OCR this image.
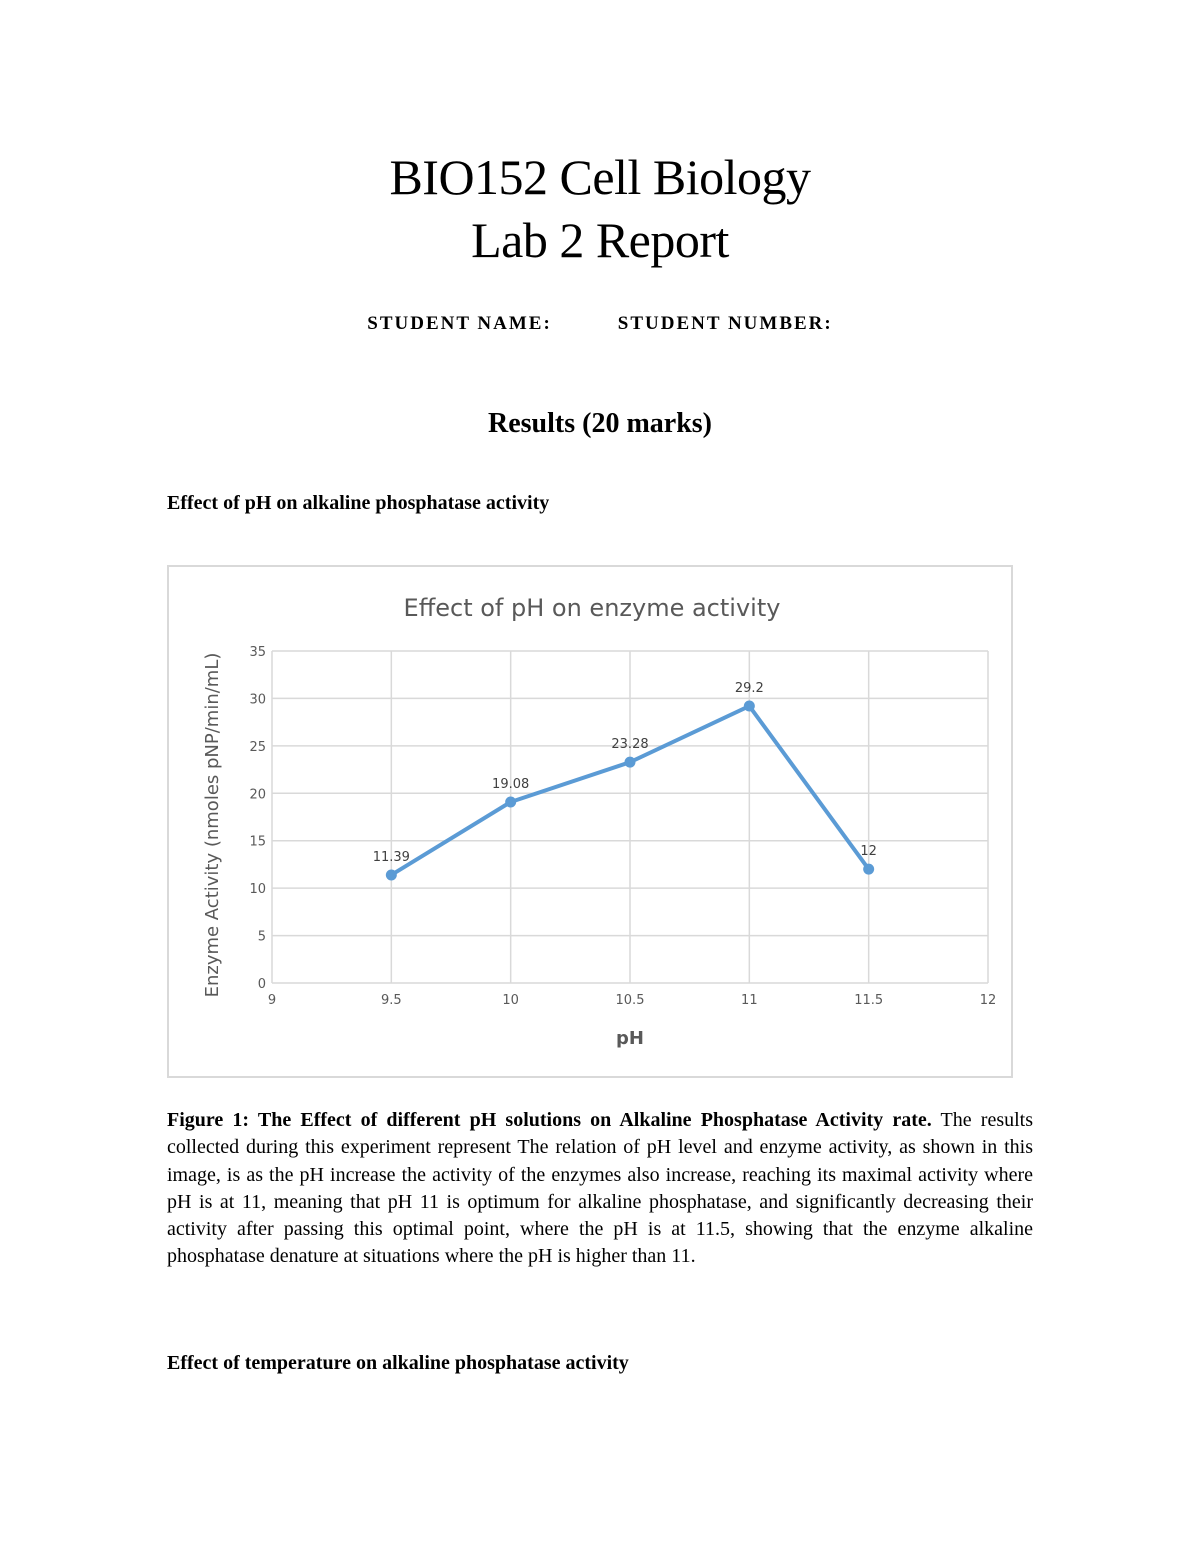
BIO152 Cell Biology
Lab 2 Report
STUDENT NAME:	STUDENT NUMBER:
Results (20 marks)
Effect of pH on alkaline phosphatase activity
Effect of pH on enzyme activity
0
5
10
15
20
25
30
35
9	9.5	10	10.5	11	11.5	12
pH
Enzyme Activity (nmoles pNP/min/mL)	11.39
19.08
23.28
29.2
12
Figure 1: The Effect of different pH solutions on Alkaline Phosphatase Activity rate. The results collected during this experiment represent The relation of pH level and enzyme activity, as shown in this image, is as the pH increase the activity of the enzymes also increase, reaching its maximal activity where pH is at 11, meaning that pH 11 is optimum for alkaline phosphatase, and significantly decreasing their activity after passing this optimal point, where the pH is at 11.5, showing that the enzyme alkaline phosphatase denature at situations where the pH is higher than 11.
Effect of temperature on alkaline phosphatase activity
